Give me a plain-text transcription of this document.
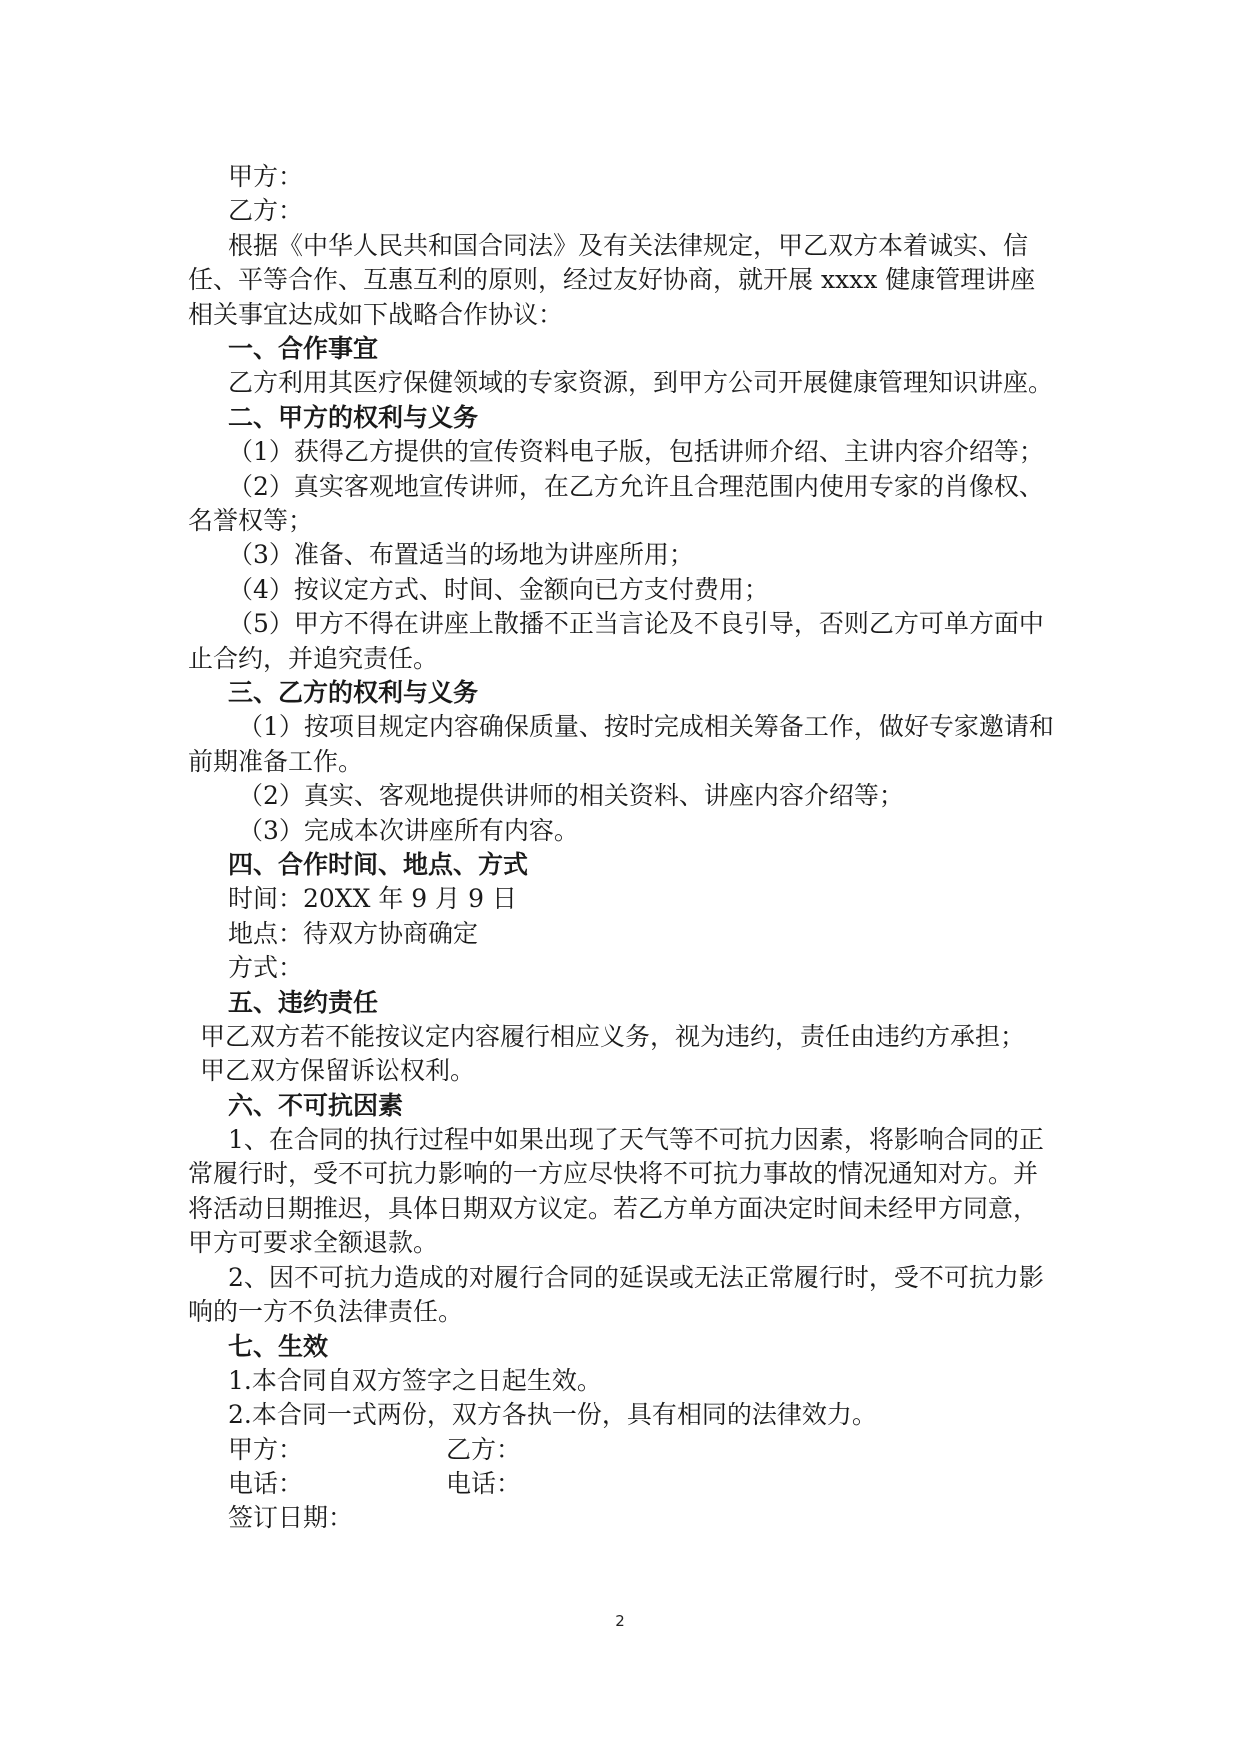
甲方：
乙方：
根据《中华人民共和国合同法》及有关法律规定，甲乙双方本着诚实、信任、平等合作、互惠互利的原则，经过友好协商，就开展 xxxx 健康管理讲座相关事宜达成如下战略合作协议：
一、合作事宜
乙方利用其医疗保健领域的专家资源，到甲方公司开展健康管理知识讲座。
二、甲方的权利与义务
（1）获得乙方提供的宣传资料电子版，包括讲师介绍、主讲内容介绍等；
（2）真实客观地宣传讲师，在乙方允许且合理范围内使用专家的肖像权、名誉权等；
（3）准备、布置适当的场地为讲座所用；
（4）按议定方式、时间、金额向已方支付费用；
（5）甲方不得在讲座上散播不正当言论及不良引导，否则乙方可单方面中止合约，并追究责任。
三、乙方的权利与义务
（1）按项目规定内容确保质量、按时完成相关筹备工作，做好专家邀请和前期准备工作。
（2）真实、客观地提供讲师的相关资料、讲座内容介绍等；
（3）完成本次讲座所有内容。
四、合作时间、地点、方式
时间：20XX 年 9 月 9 日
地点：待双方协商确定
方式：
五、违约责任
甲乙双方若不能按议定内容履行相应义务，视为违约，责任由违约方承担；
甲乙双方保留诉讼权利。
六、不可抗因素
1、在合同的执行过程中如果出现了天气等不可抗力因素，将影响合同的正常履行时，受不可抗力影响的一方应尽快将不可抗力事故的情况通知对方。并将活动日期推迟，具体日期双方议定。若乙方单方面决定时间未经甲方同意，甲方可要求全额退款。
2、因不可抗力造成的对履行合同的延误或无法正常履行时，受不可抗力影响的一方不负法律责任。
七、生效
1.本合同自双方签字之日起生效。
2.本合同一式两份，双方各执一份，具有相同的法律效力。
甲方：	乙方：
电话：	电话：
签订日期：
2
